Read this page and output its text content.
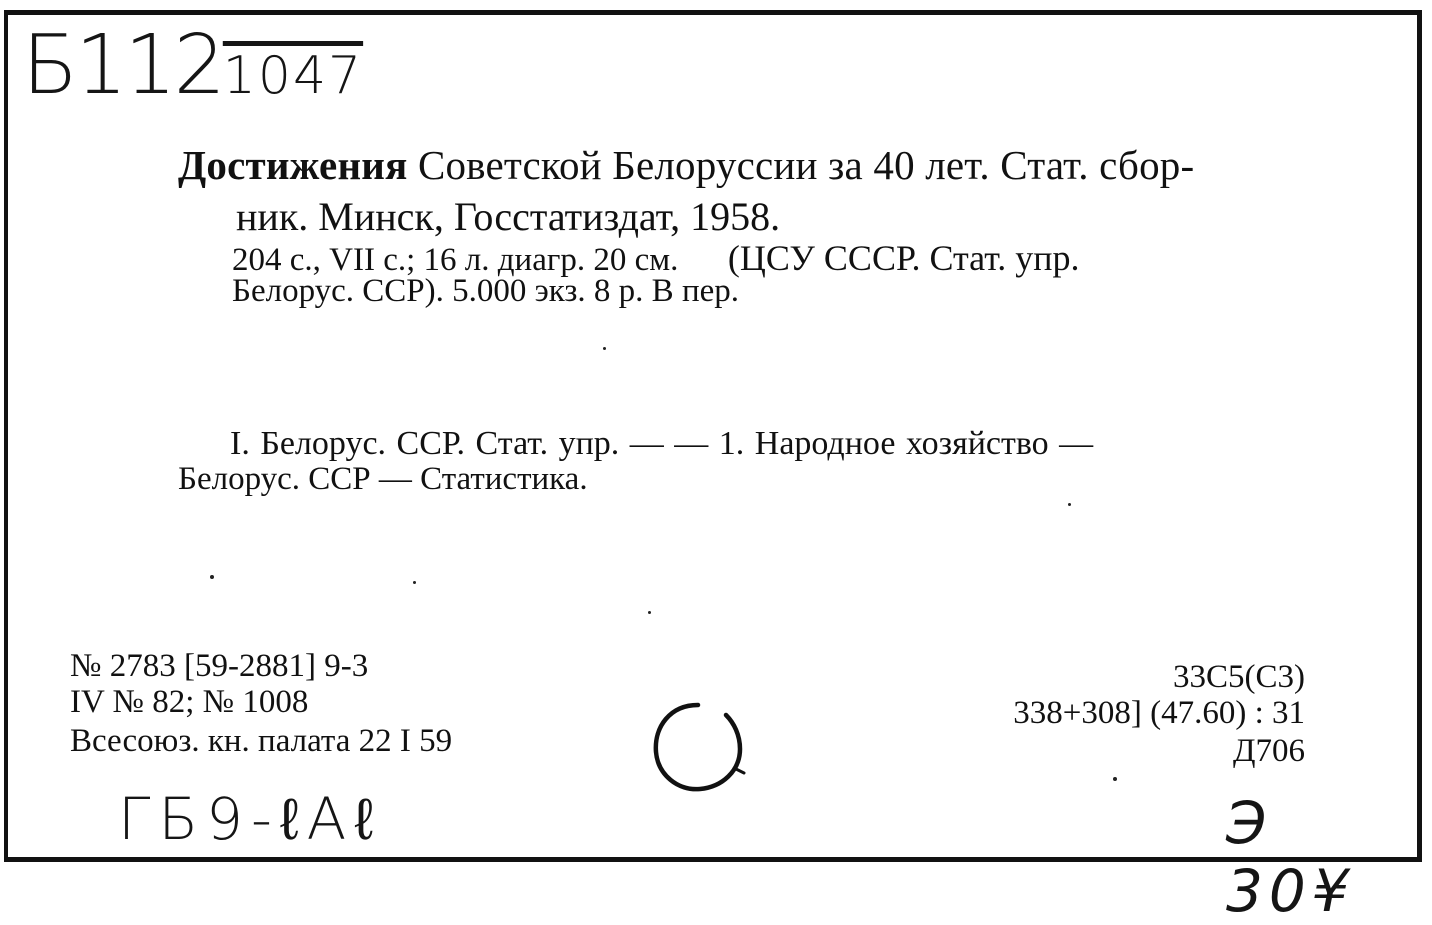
Б1121047
Достижения Советской Белоруссии за 40 лет. Стат. сбор-
ник. Минск, Госстатиздат, 1958.
204 с., VII с.; 16 л. диагр. 20 см. (ЦСУ СССР. Стат. упр.
Белорус. ССР). 5.000 экз. 8 р. В пер.
I. Белорус. ССР. Стат. упр. — — 1. Народное хозяйство —
Белорус. ССР — Статистика.
№ 2783 [59-2881] 9-3
IV № 82; № 1008
Всесоюз. кн. палата 22 I 59
33С5(С3)
338+308] (47.60) : 31
Д706
ГБ9-ℓАℓ	Э 30¥
